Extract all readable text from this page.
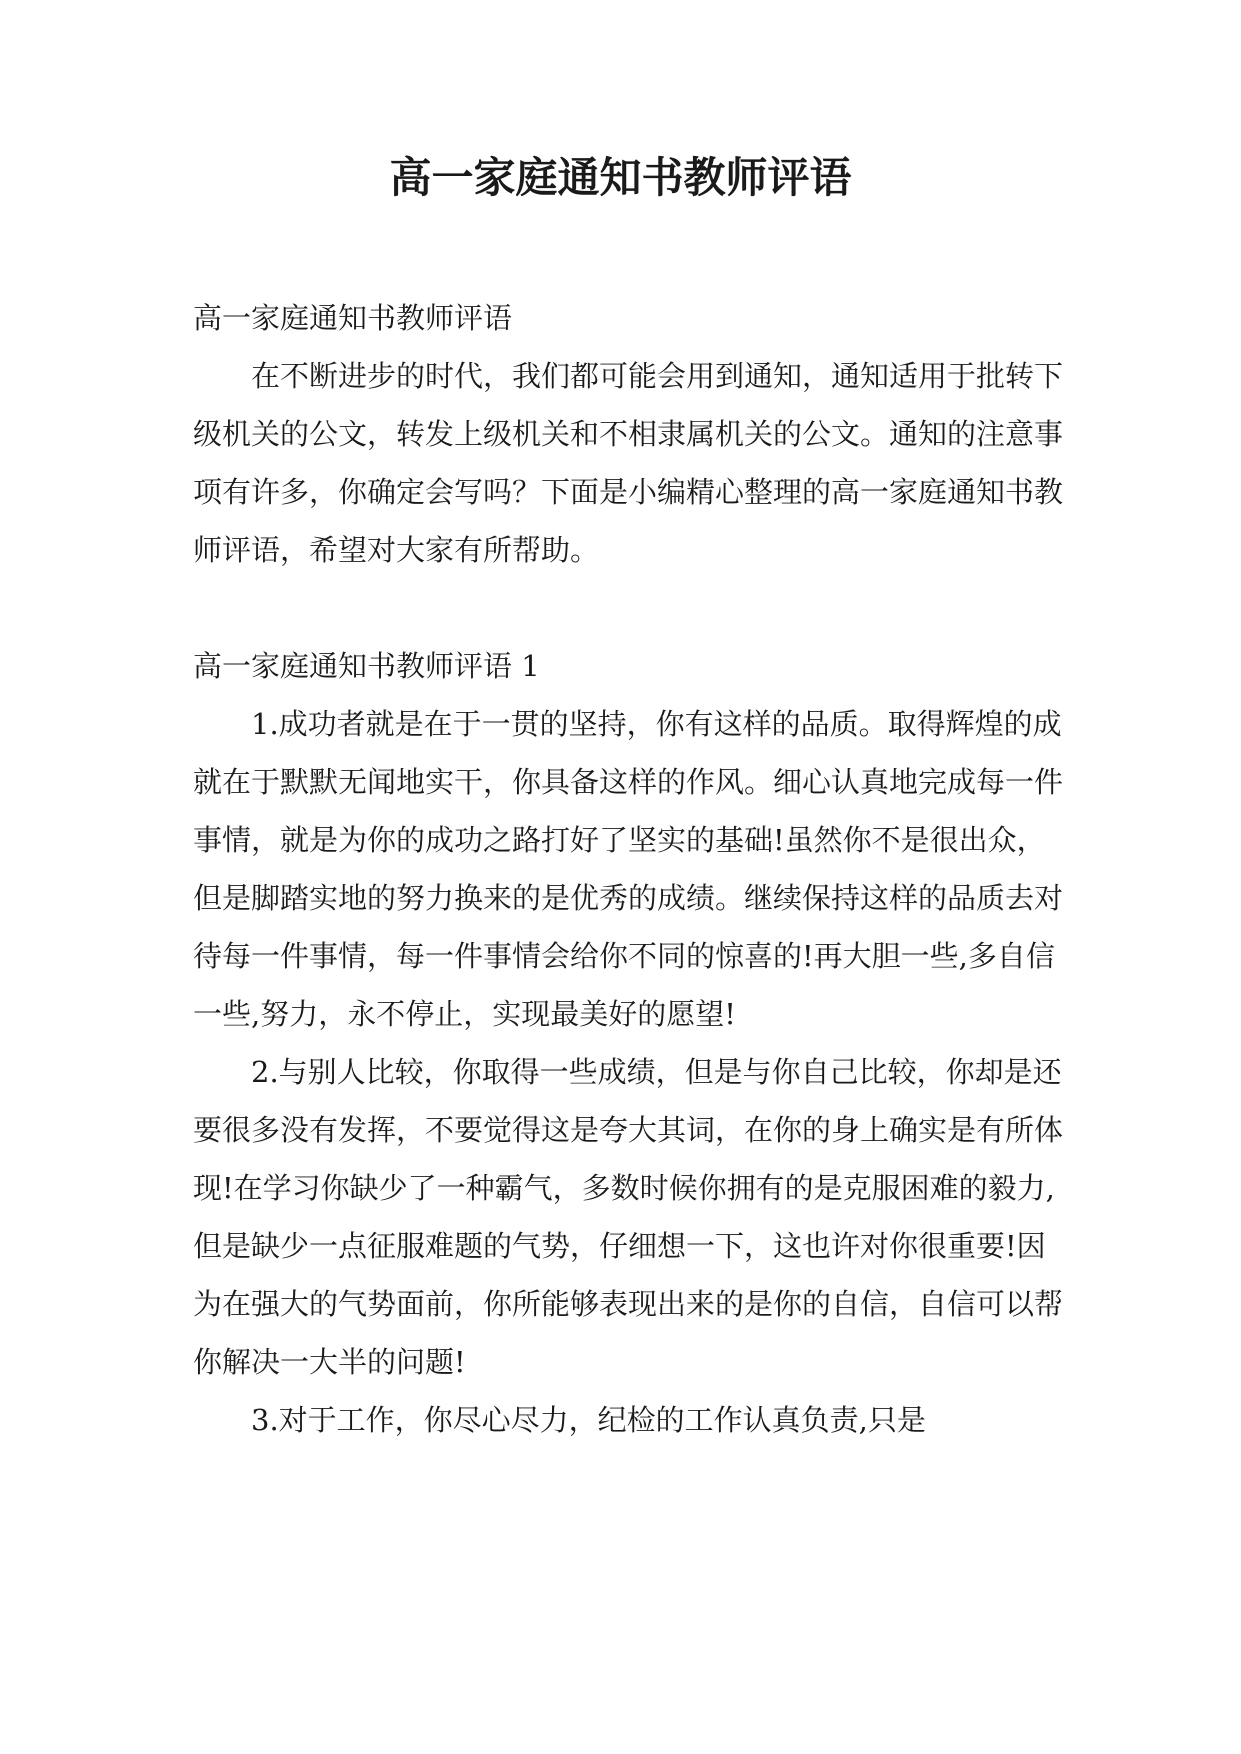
高一家庭通知书教师评语

高一家庭通知书教师评语

在不断进步的时代，我们都可能会用到通知，通知适用于批转下级机关的公文，转发上级机关和不相隶属机关的公文。通知的注意事项有许多，你确定会写吗？下面是小编精心整理的高一家庭通知书教师评语，希望对大家有所帮助。

高一家庭通知书教师评语 1

1.成功者就是在于一贯的坚持，你有这样的品质。取得辉煌的成就在于默默无闻地实干，你具备这样的作风。细心认真地完成每一件事情，就是为你的成功之路打好了坚实的基础!虽然你不是很出众，但是脚踏实地的努力换来的是优秀的成绩。继续保持这样的品质去对待每一件事情，每一件事情会给你不同的惊喜的!再大胆一些,多自信一些,努力，永不停止，实现最美好的愿望!

2.与别人比较，你取得一些成绩，但是与你自己比较，你却是还要很多没有发挥，不要觉得这是夸大其词，在你的身上确实是有所体现!在学习你缺少了一种霸气，多数时候你拥有的是克服困难的毅力,但是缺少一点征服难题的气势，仔细想一下，这也许对你很重要!因为在强大的气势面前，你所能够表现出来的是你的自信，自信可以帮你解决一大半的问题!

3.对于工作，你尽心尽力，纪检的工作认真负责,只是
